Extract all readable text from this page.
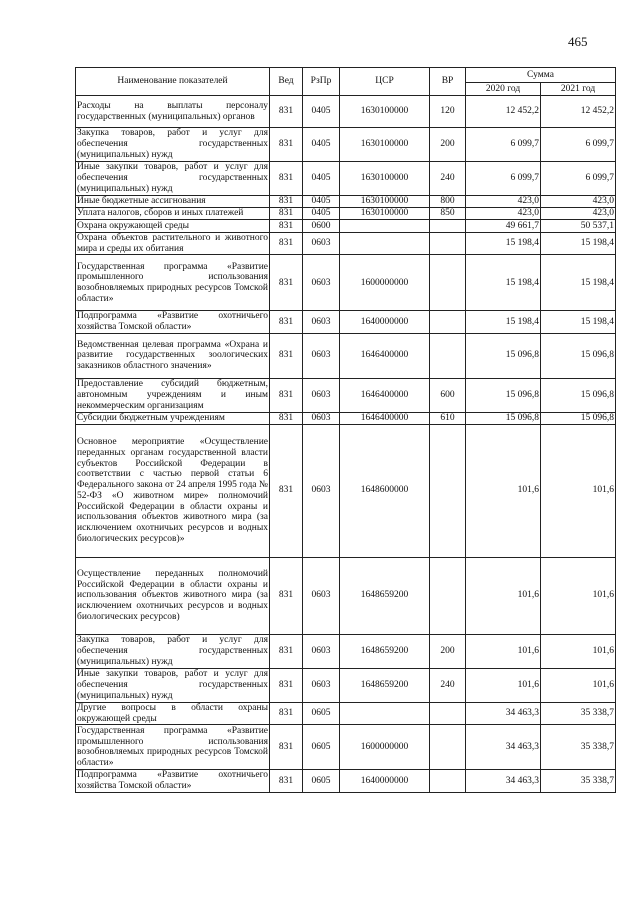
465
Наименование показателей	Вед	РзПр	ЦСР	ВР	Сумма	
					2020 год	2021 год
Расходы на выплаты персоналу государственных (муниципальных) органов	831	0405	1630100000	120	12 452,2	12 452,2
Закупка товаров, работ и услуг для обеспечения государственных (муниципальных) нужд	831	0405	1630100000	200	6 099,7	6 099,7
Иные закупки товаров, работ и услуг для обеспечения государственных (муниципальных) нужд	831	0405	1630100000	240	6 099,7	6 099,7
Иные бюджетные ассигнования	831	0405	1630100000	800	423,0	423,0
Уплата налогов, сборов и иных платежей	831	0405	1630100000	850	423,0	423,0
Охрана окружающей среды	831	0600			49 661,7	50 537,1
Охрана объектов растительного и животного мира и среды их обитания	831	0603			15 198,4	15 198,4
Государственная программа «Развитие промышленного использования возобновляемых природных ресурсов Томской области»	831	0603	1600000000		15 198,4	15 198,4
Подпрограмма «Развитие охотничьего хозяйства Томской области»	831	0603	1640000000		15 198,4	15 198,4
Ведомственная целевая программа «Охрана и развитие государственных зоологических заказников областного значения»	831	0603	1646400000		15 096,8	15 096,8
Предоставление субсидий бюджетным, автономным учреждениям и иным некоммерческим организациям	831	0603	1646400000	600	15 096,8	15 096,8
Субсидии бюджетным учреждениям	831	0603	1646400000	610	15 096,8	15 096,8
Основное мероприятие «Осуществление переданных органам государственной власти субъектов Российской Федерации в соответствии с частью первой статьи 6 Федерального закона от 24 апреля 1995 года № 52-ФЗ «О животном мире» полномочий Российской Федерации в области охраны и использования объектов животного мира (за исключением охотничьих ресурсов и водных биологических ресурсов)»	831	0603	1648600000		101,6	101,6
Осуществление переданных полномочий Российской Федерации в области охраны и использования объектов животного мира (за исключением охотничьих ресурсов и водных биологических ресурсов)	831	0603	1648659200		101,6	101,6
Закупка товаров, работ и услуг для обеспечения государственных (муниципальных) нужд	831	0603	1648659200	200	101,6	101,6
Иные закупки товаров, работ и услуг для обеспечения государственных (муниципальных) нужд	831	0603	1648659200	240	101,6	101,6
Другие вопросы в области охраны окружающей среды	831	0605			34 463,3	35 338,7
Государственная программа «Развитие промышленного использования возобновляемых природных ресурсов Томской области»	831	0605	1600000000		34 463,3	35 338,7
Подпрограмма «Развитие охотничьего хозяйства Томской области»	831	0605	1640000000		34 463,3	35 338,7
